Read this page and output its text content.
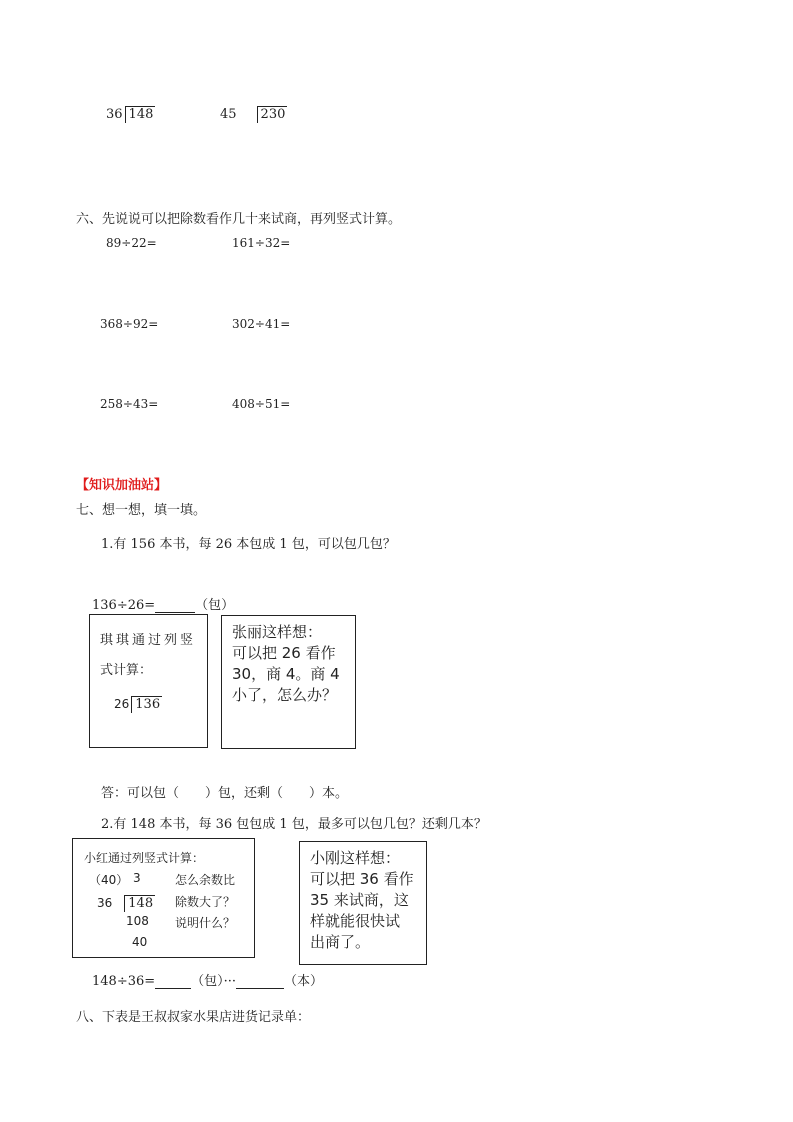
36 148	45 230
六、先说说可以把除数看作几十来试商，再列竖式计算。
89÷22=	161÷32=
368÷92=	302÷41=
258÷43=	408÷51=
【知识加油站】
七、想一想，填一填。
1.有 156 本书，每 26 本包成 1 包，可以包几包？
136÷26=	（包）
琪琪通过列竖
式计算：
26 136
张丽这样想：
可以把 26 看作
30，商 4。商 4
小了，怎么办？
答：可以包（　　）包，还剩（　　）本。
2.有 148 本书，每 36 包包成 1 包，最多可以包几包？还剩几本？
小红通过列竖式计算：
（40） 3
36 148
108
40
怎么余数比
除数大了？
说明什么？
小刚这样想：
可以把 36 看作
35 来试商，这
样就能很快试
出商了。
148÷36=	（包）···	（本）
八、下表是王叔叔家水果店进货记录单：
